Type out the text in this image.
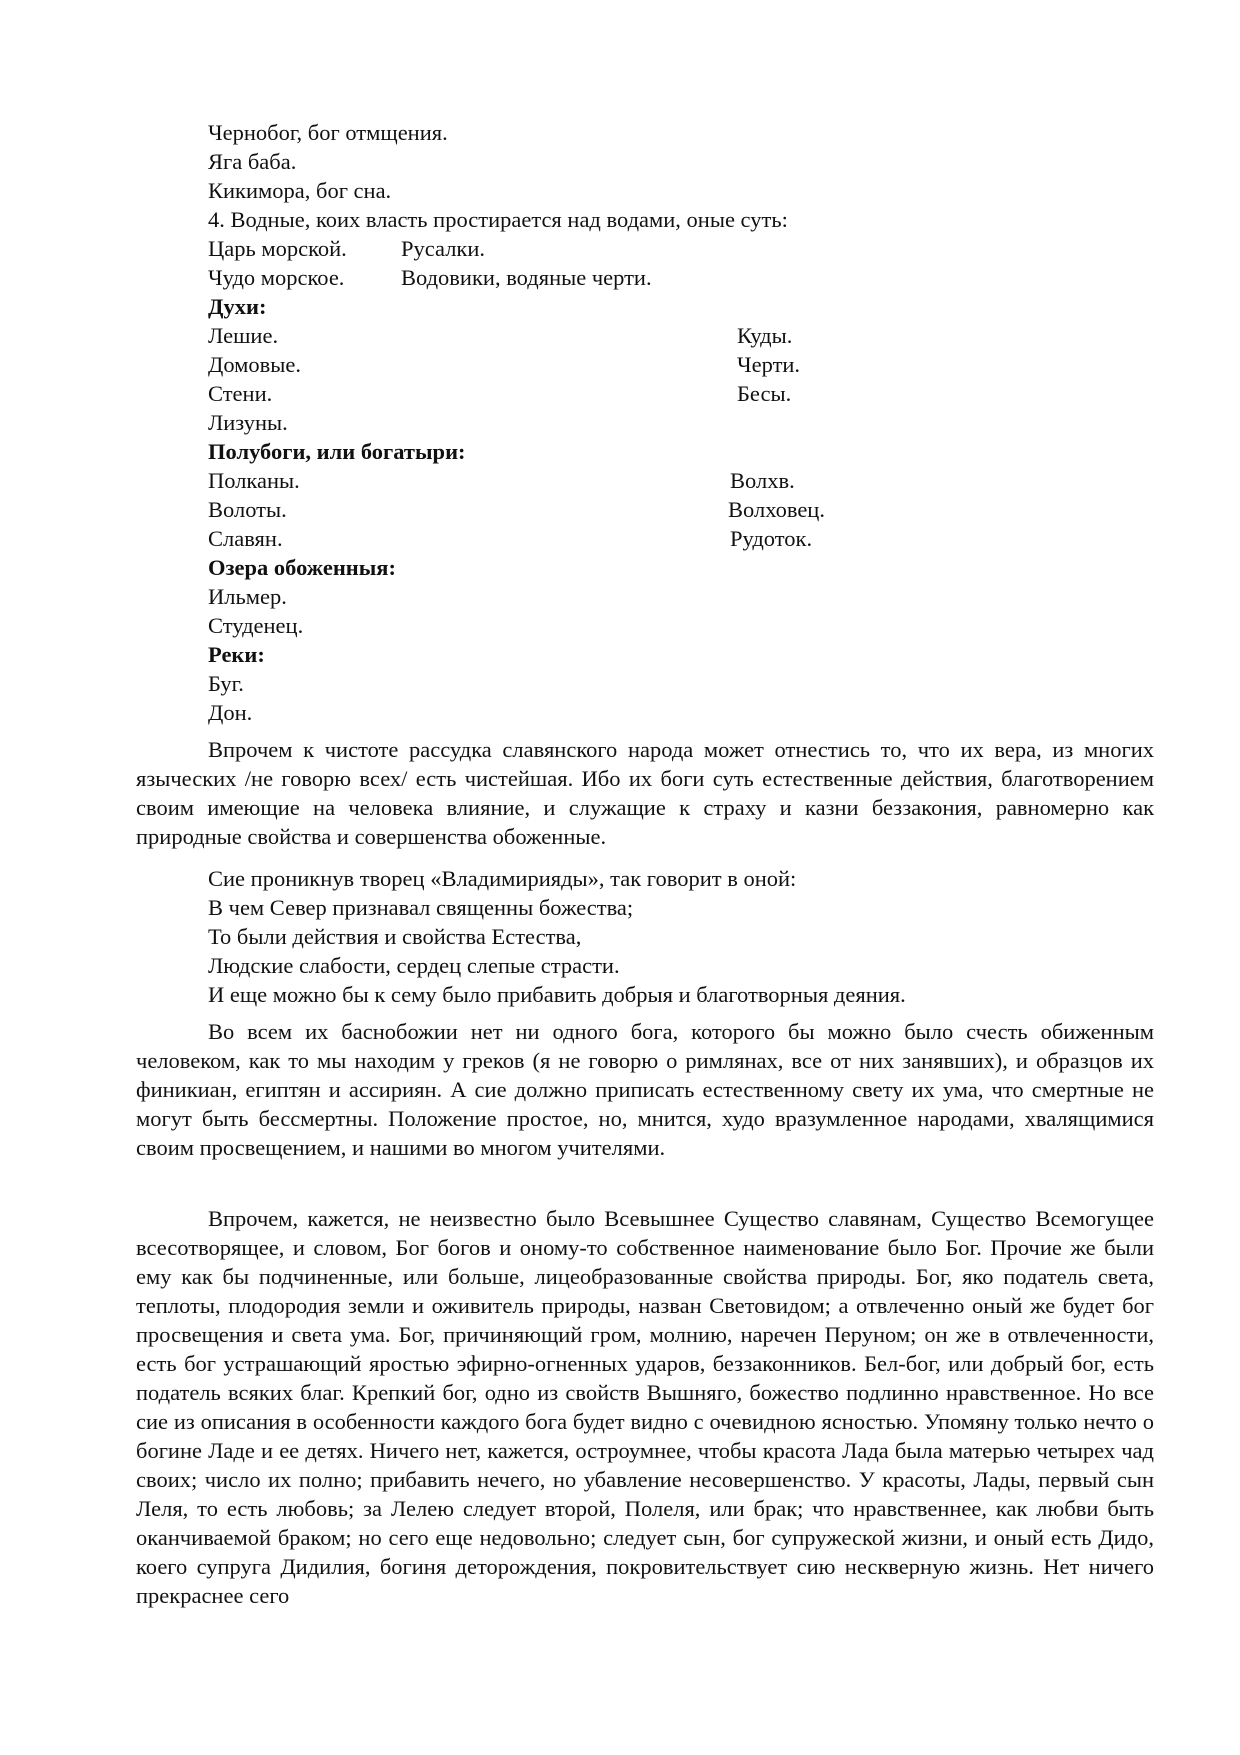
Чернобог, бог отмщения.
Яга баба.
Кикимора, бог сна.
4. Водные, коих власть простирается над водами, оные суть:
Царь морской. Русалки.
Чудо морское.	Водовики, водяные черти.
Духи:
Лешие.	Куды.
Домовые.	Черти.
Стени.	Бесы.
Лизуны.
Полубоги, или богатыри:
Полканы.	Волхв.
Волоты.	Волховец.
Славян.	Рудоток.
Озера обоженныя:
Ильмер.
Студенец.
Реки:
Буг.
Дон.

Впрочем к чистоте рассудка славянского народа может отнестись то, что их вера, из многих языческих /не говорю всех/ есть чистейшая. Ибо их боги суть естественные действия, благотворением своим имеющие на человека влияние, и служащие к страху и казни беззакония, равномерно как природные свойства и совершенства обоженные.

Сие проникнув творец «Владимирияды», так говорит в оной:
В чем Север признавал священны божества;
То были действия и свойства Естества,
Людские слабости, сердец слепые страсти.
И еще можно бы к сему было прибавить добрыя и благотворныя деяния.

Во всем их баснобожии нет ни одного бога, которого бы можно было счесть обиженным человеком, как то мы находим у греков (я не говорю о римлянах, все от них занявших), и образцов их финикиан, египтян и ассириян. А сие должно приписать естественному свету их ума, что смертные не могут быть бессмертны. Положение простое, но, мнится, худо вразумленное народами, хвалящимися своим просвещением, и нашими во многом учителями.

Впрочем, кажется, не неизвестно было Всевышнее Существо славянам, Существо Всемогущее всесотворящее, и словом, Бог богов и оному-то собственное наименование было Бог. Прочие же были ему как бы подчиненные, или больше, лицеобразованные свойства природы. Бог, яко податель света, теплоты, плодородия земли и оживитель природы, назван Световидом; а отвлеченно оный же будет бог просвещения и света ума. Бог, причиняющий гром, молнию, наречен Перуном; он же в отвлеченности, есть бог устрашающий яростью эфирно-огненных ударов, беззаконников. Бел-бог, или добрый бог, есть податель всяких благ. Крепкий бог, одно из свойств Вышняго, божество подлинно нравственное. Но все сие из описания в особенности каждого бога будет видно с очевидною ясностью. Упомяну только нечто о богине Ладе и ее детях. Ничего нет, кажется, остроумнее, чтобы красота Лада была матерью четырех чад своих; число их полно; прибавить нечего, но убавление несовершенство. У красоты, Лады, первый сын Леля, то есть любовь; за Лелею следует второй, Полеля, или брак; что нравственнее, как любви быть оканчиваемой браком; но сего еще недовольно; следует сын, бог супружеской жизни, и оный есть Дидо, коего супруга Дидилия, богиня деторождения, покровительствует сию нескверную жизнь. Нет ничего прекраснее сего
